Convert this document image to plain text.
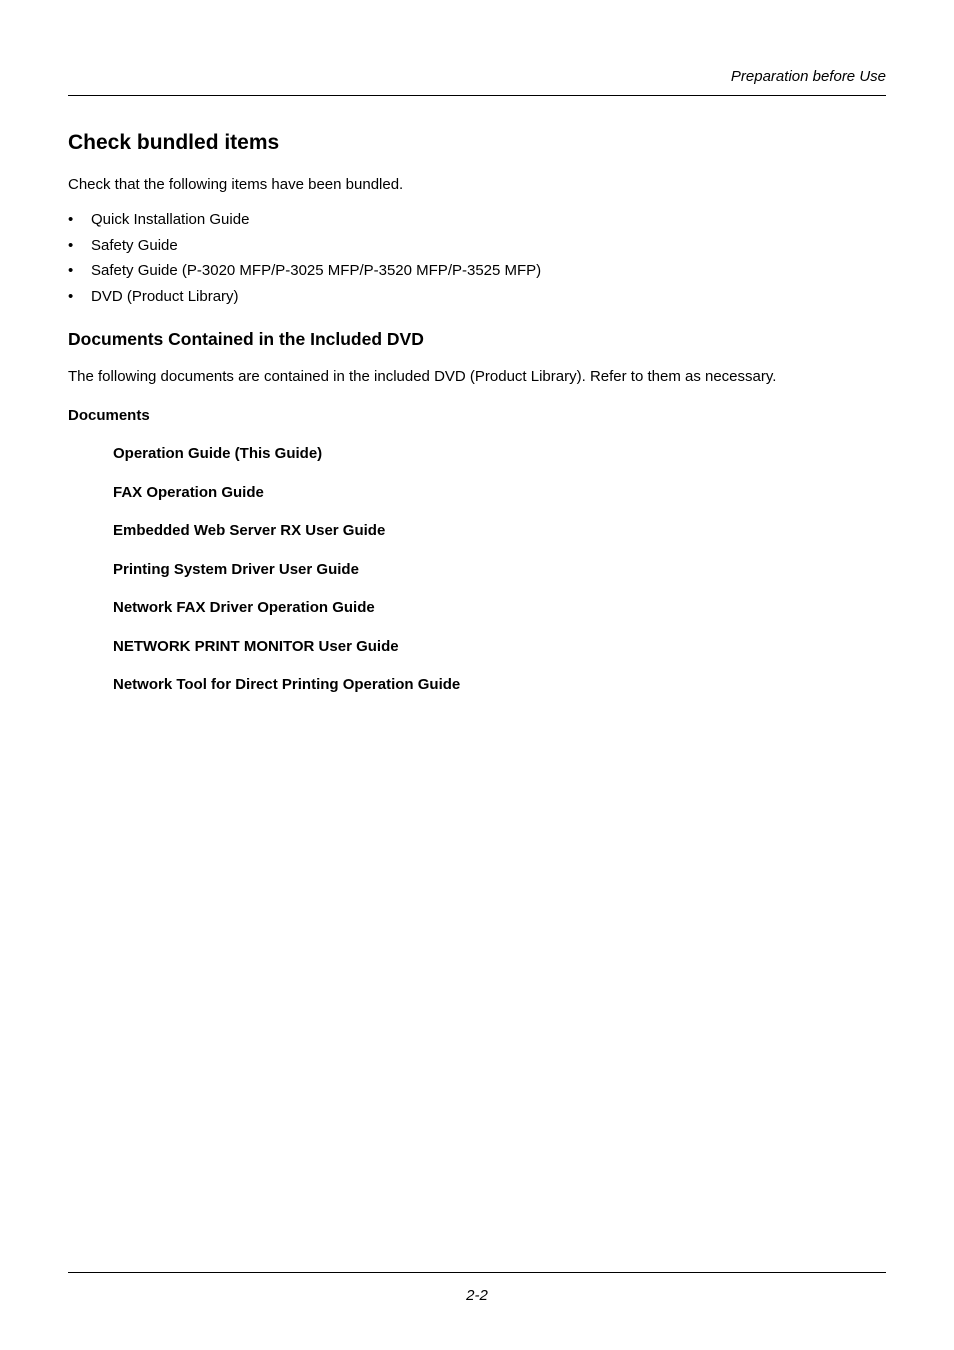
Preparation before Use
Check bundled items

Check that the following items have been bundled.

•	Quick Installation Guide
•	Safety Guide
•	Safety Guide (P-3020 MFP/P-3025 MFP/P-3520 MFP/P-3525 MFP)
•	DVD (Product Library)
Documents Contained in the Included DVD

The following documents are contained in the included DVD (Product Library). Refer to them as necessary.

Documents

Operation Guide (This Guide)
FAX Operation Guide
Embedded Web Server RX User Guide
Printing System Driver User Guide
Network FAX Driver Operation Guide
NETWORK PRINT MONITOR User Guide
Network Tool for Direct Printing Operation Guide
2-2
